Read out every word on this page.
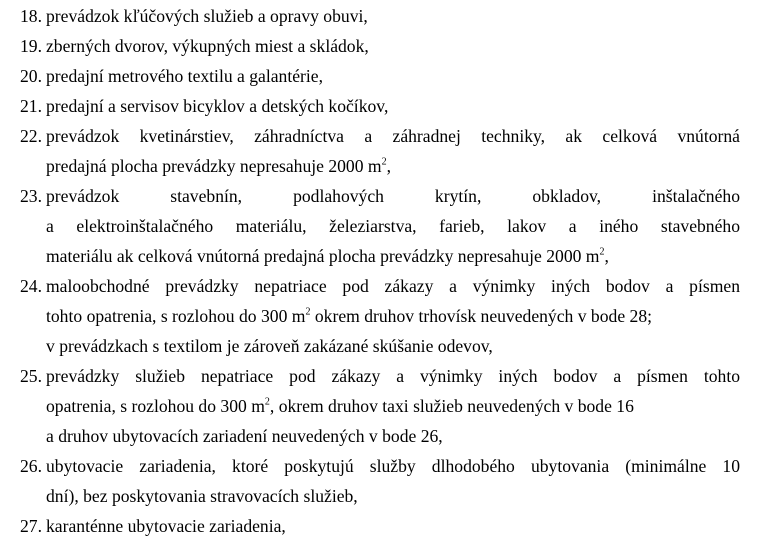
18. prevádzok kľúčových služieb a opravy obuvi,
19. zberných dvorov, výkupných miest a skládok,
20. predajní metrového textilu a galantérie,
21. predajní a servisov bicyklov a detských kočíkov,
22. prevádzok kvetinárstiev, záhradníctva a záhradnej techniky, ak celková vnútorná
predajná plocha prevádzky nepresahuje 2000 $m^2$,
23. prevádzok stavebnín, podlahových krytín, obkladov, inštalačného
a elektroinštalačného materiálu, železiarstva, farieb, lakov a iného stavebného
materiálu ak celková vnútorná predajná plocha prevádzky nepresahuje 2000 $m^2$,
24. maloobchodné prevádzky nepatriace pod zákazy a výnimky iných bodov a písmen
tohto opatrenia, s rozlohou do 300 $m^2$ okrem druhov trhovísk neuvedených v bode 28;
v prevádzkach s textilom je zároveň zakázané skúšanie odevov,
25. prevádzky služieb nepatriace pod zákazy a výnimky iných bodov a písmen tohto
opatrenia, s rozlohou do 300 $m^2$, okrem druhov taxi služieb neuvedených v bode 16
a druhov ubytovacích zariadení neuvedených v bode 26,
26. ubytovacie zariadenia, ktoré poskytujú služby dlhodobého ubytovania (minimálne 10
dní), bez poskytovania stravovacích služieb,
27. karanténne ubytovacie zariadenia,
